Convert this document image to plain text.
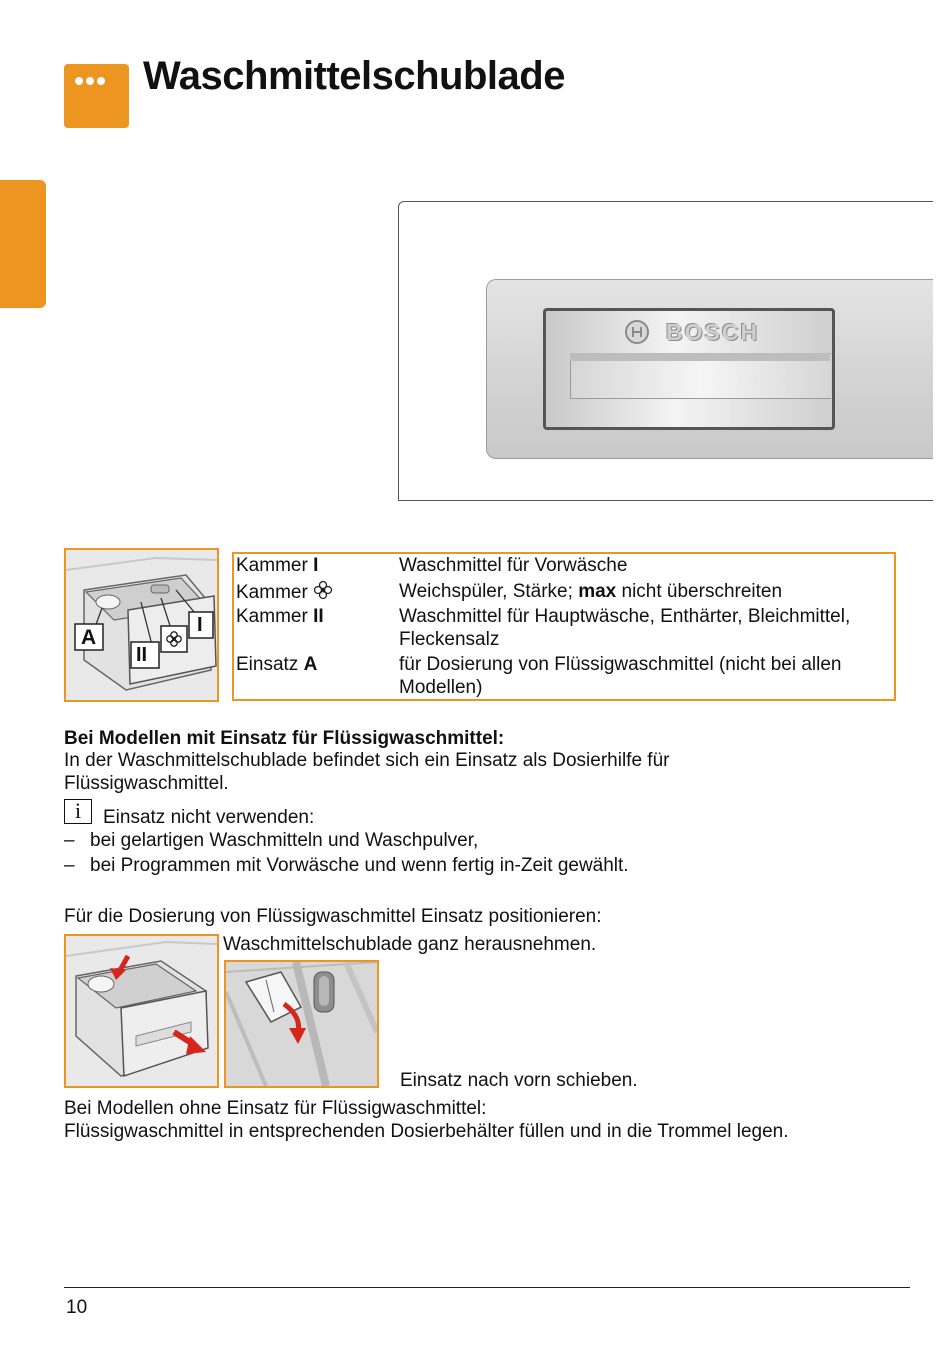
Waschmittelschublade
BOSCH
A
II
I
Kammer I	Waschmittel für Vorwäsche
Kammer	Weichspüler, Stärke; max nicht überschreiten
Kammer II	Waschmittel für Hauptwäsche, Enthärter, Bleichmittel, Fleckensalz
Einsatz A	für Dosierung von Flüssigwaschmittel (nicht bei allen Modellen)
Bei Modellen mit Einsatz für Flüssigwaschmittel:
In der Waschmittelschublade befindet sich ein Einsatz als Dosierhilfe für Flüssigwaschmittel.
i	Einsatz nicht verwenden:
– bei gelartigen Waschmitteln und Waschpulver,
– bei Programmen mit Vorwäsche und wenn fertig in-Zeit gewählt.
Für die Dosierung von Flüssigwaschmittel Einsatz positionieren:
Waschmittelschublade ganz herausnehmen.
Einsatz nach vorn schieben.
Bei Modellen ohne Einsatz für Flüssigwaschmittel:
Flüssigwaschmittel in entsprechenden Dosierbehälter füllen und in die Trommel legen.
10
